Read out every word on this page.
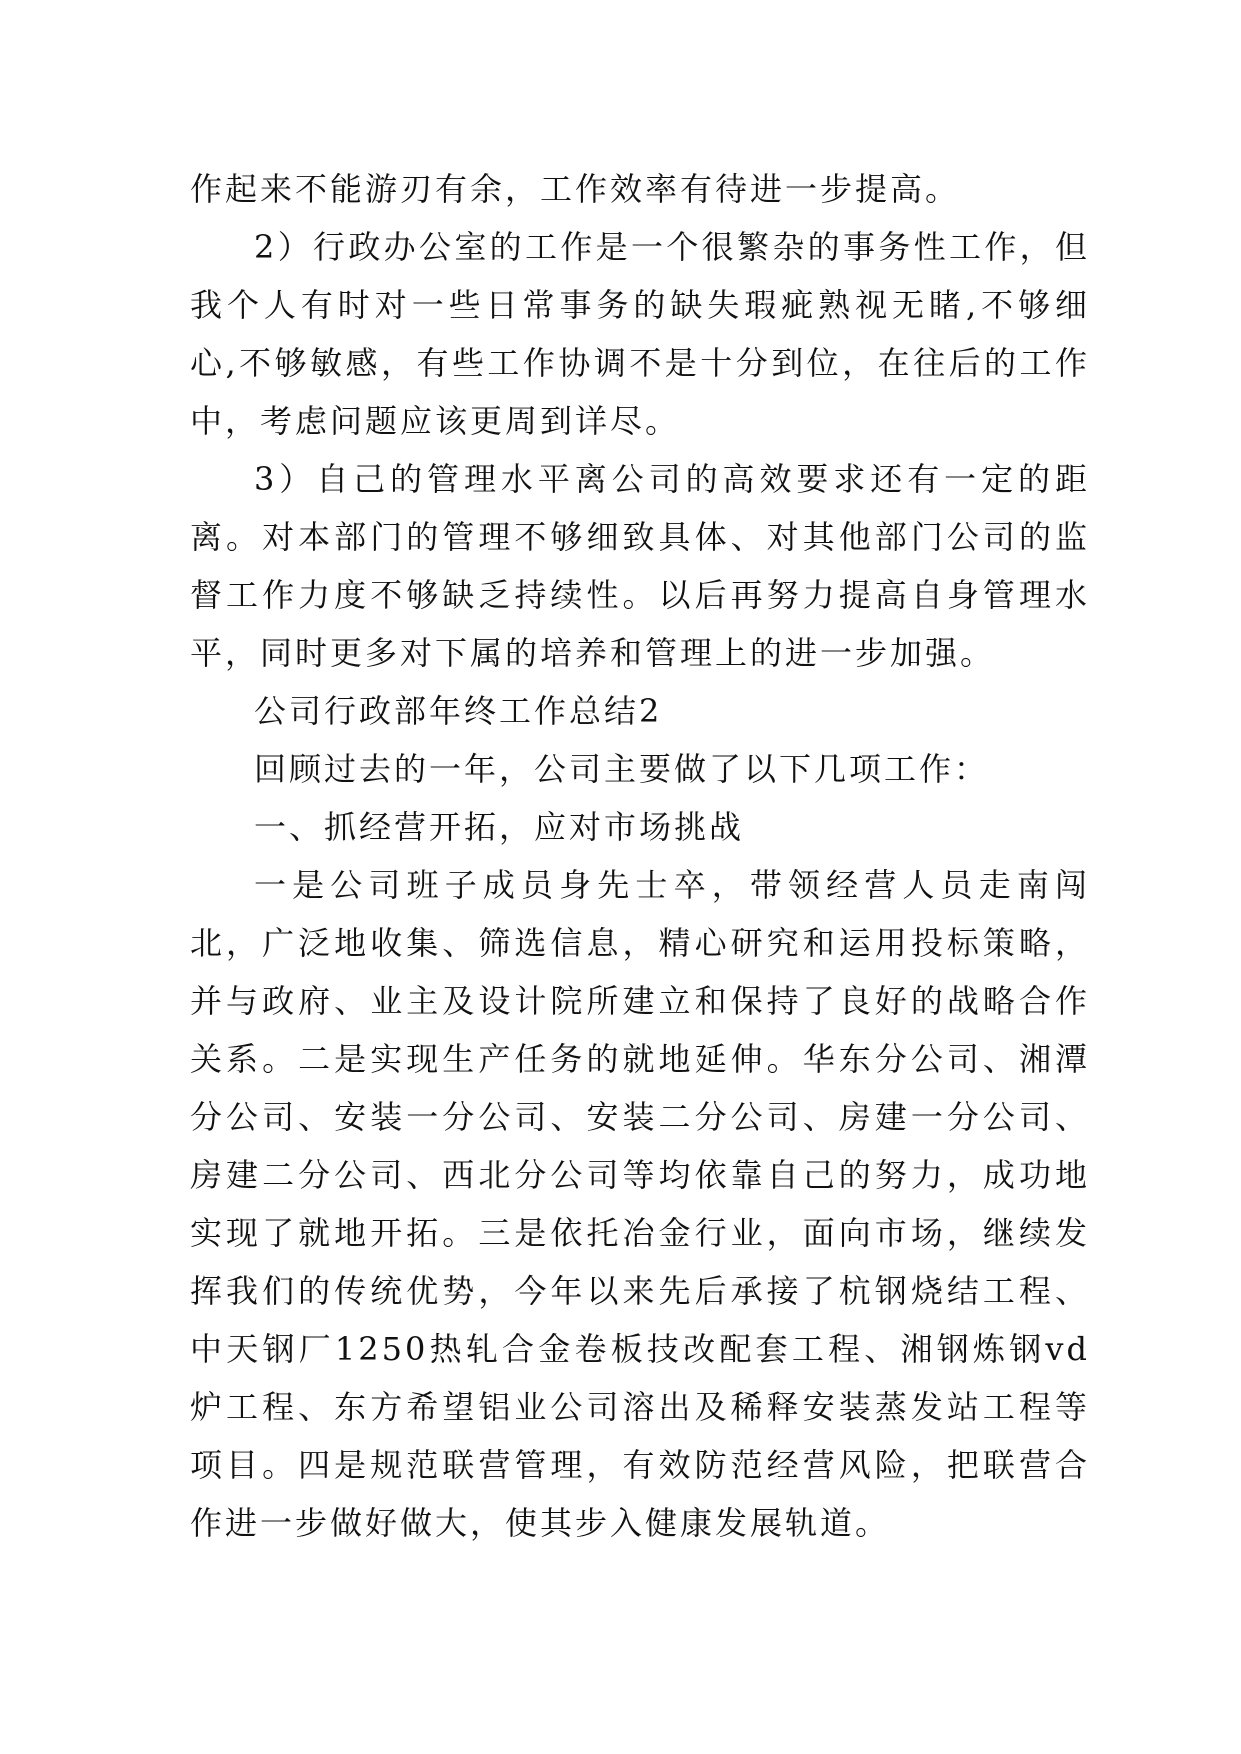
作起来不能游刃有余，工作效率有待进一步提高。

2）行政办公室的工作是一个很繁杂的事务性工作，但我个人有时对一些日常事务的缺失瑕疵熟视无睹,不够细心,不够敏感，有些工作协调不是十分到位，在往后的工作中，考虑问题应该更周到详尽。

3）自己的管理水平离公司的高效要求还有一定的距离。对本部门的管理不够细致具体、对其他部门公司的监督工作力度不够缺乏持续性。以后再努力提高自身管理水平，同时更多对下属的培养和管理上的进一步加强。

公司行政部年终工作总结2

回顾过去的一年，公司主要做了以下几项工作：

一、抓经营开拓，应对市场挑战

一是公司班子成员身先士卒，带领经营人员走南闯北，广泛地收集、筛选信息，精心研究和运用投标策略，并与政府、业主及设计院所建立和保持了良好的战略合作关系。二是实现生产任务的就地延伸。华东分公司、湘潭分公司、安装一分公司、安装二分公司、房建一分公司、房建二分公司、西北分公司等均依靠自己的努力，成功地实现了就地开拓。三是依托冶金行业，面向市场，继续发挥我们的传统优势，今年以来先后承接了杭钢烧结工程、中天钢厂1250热轧合金卷板技改配套工程、湘钢炼钢vd炉工程、东方希望铝业公司溶出及稀释安装蒸发站工程等项目。四是规范联营管理，有效防范经营风险，把联营合作进一步做好做大，使其步入健康发展轨道。
